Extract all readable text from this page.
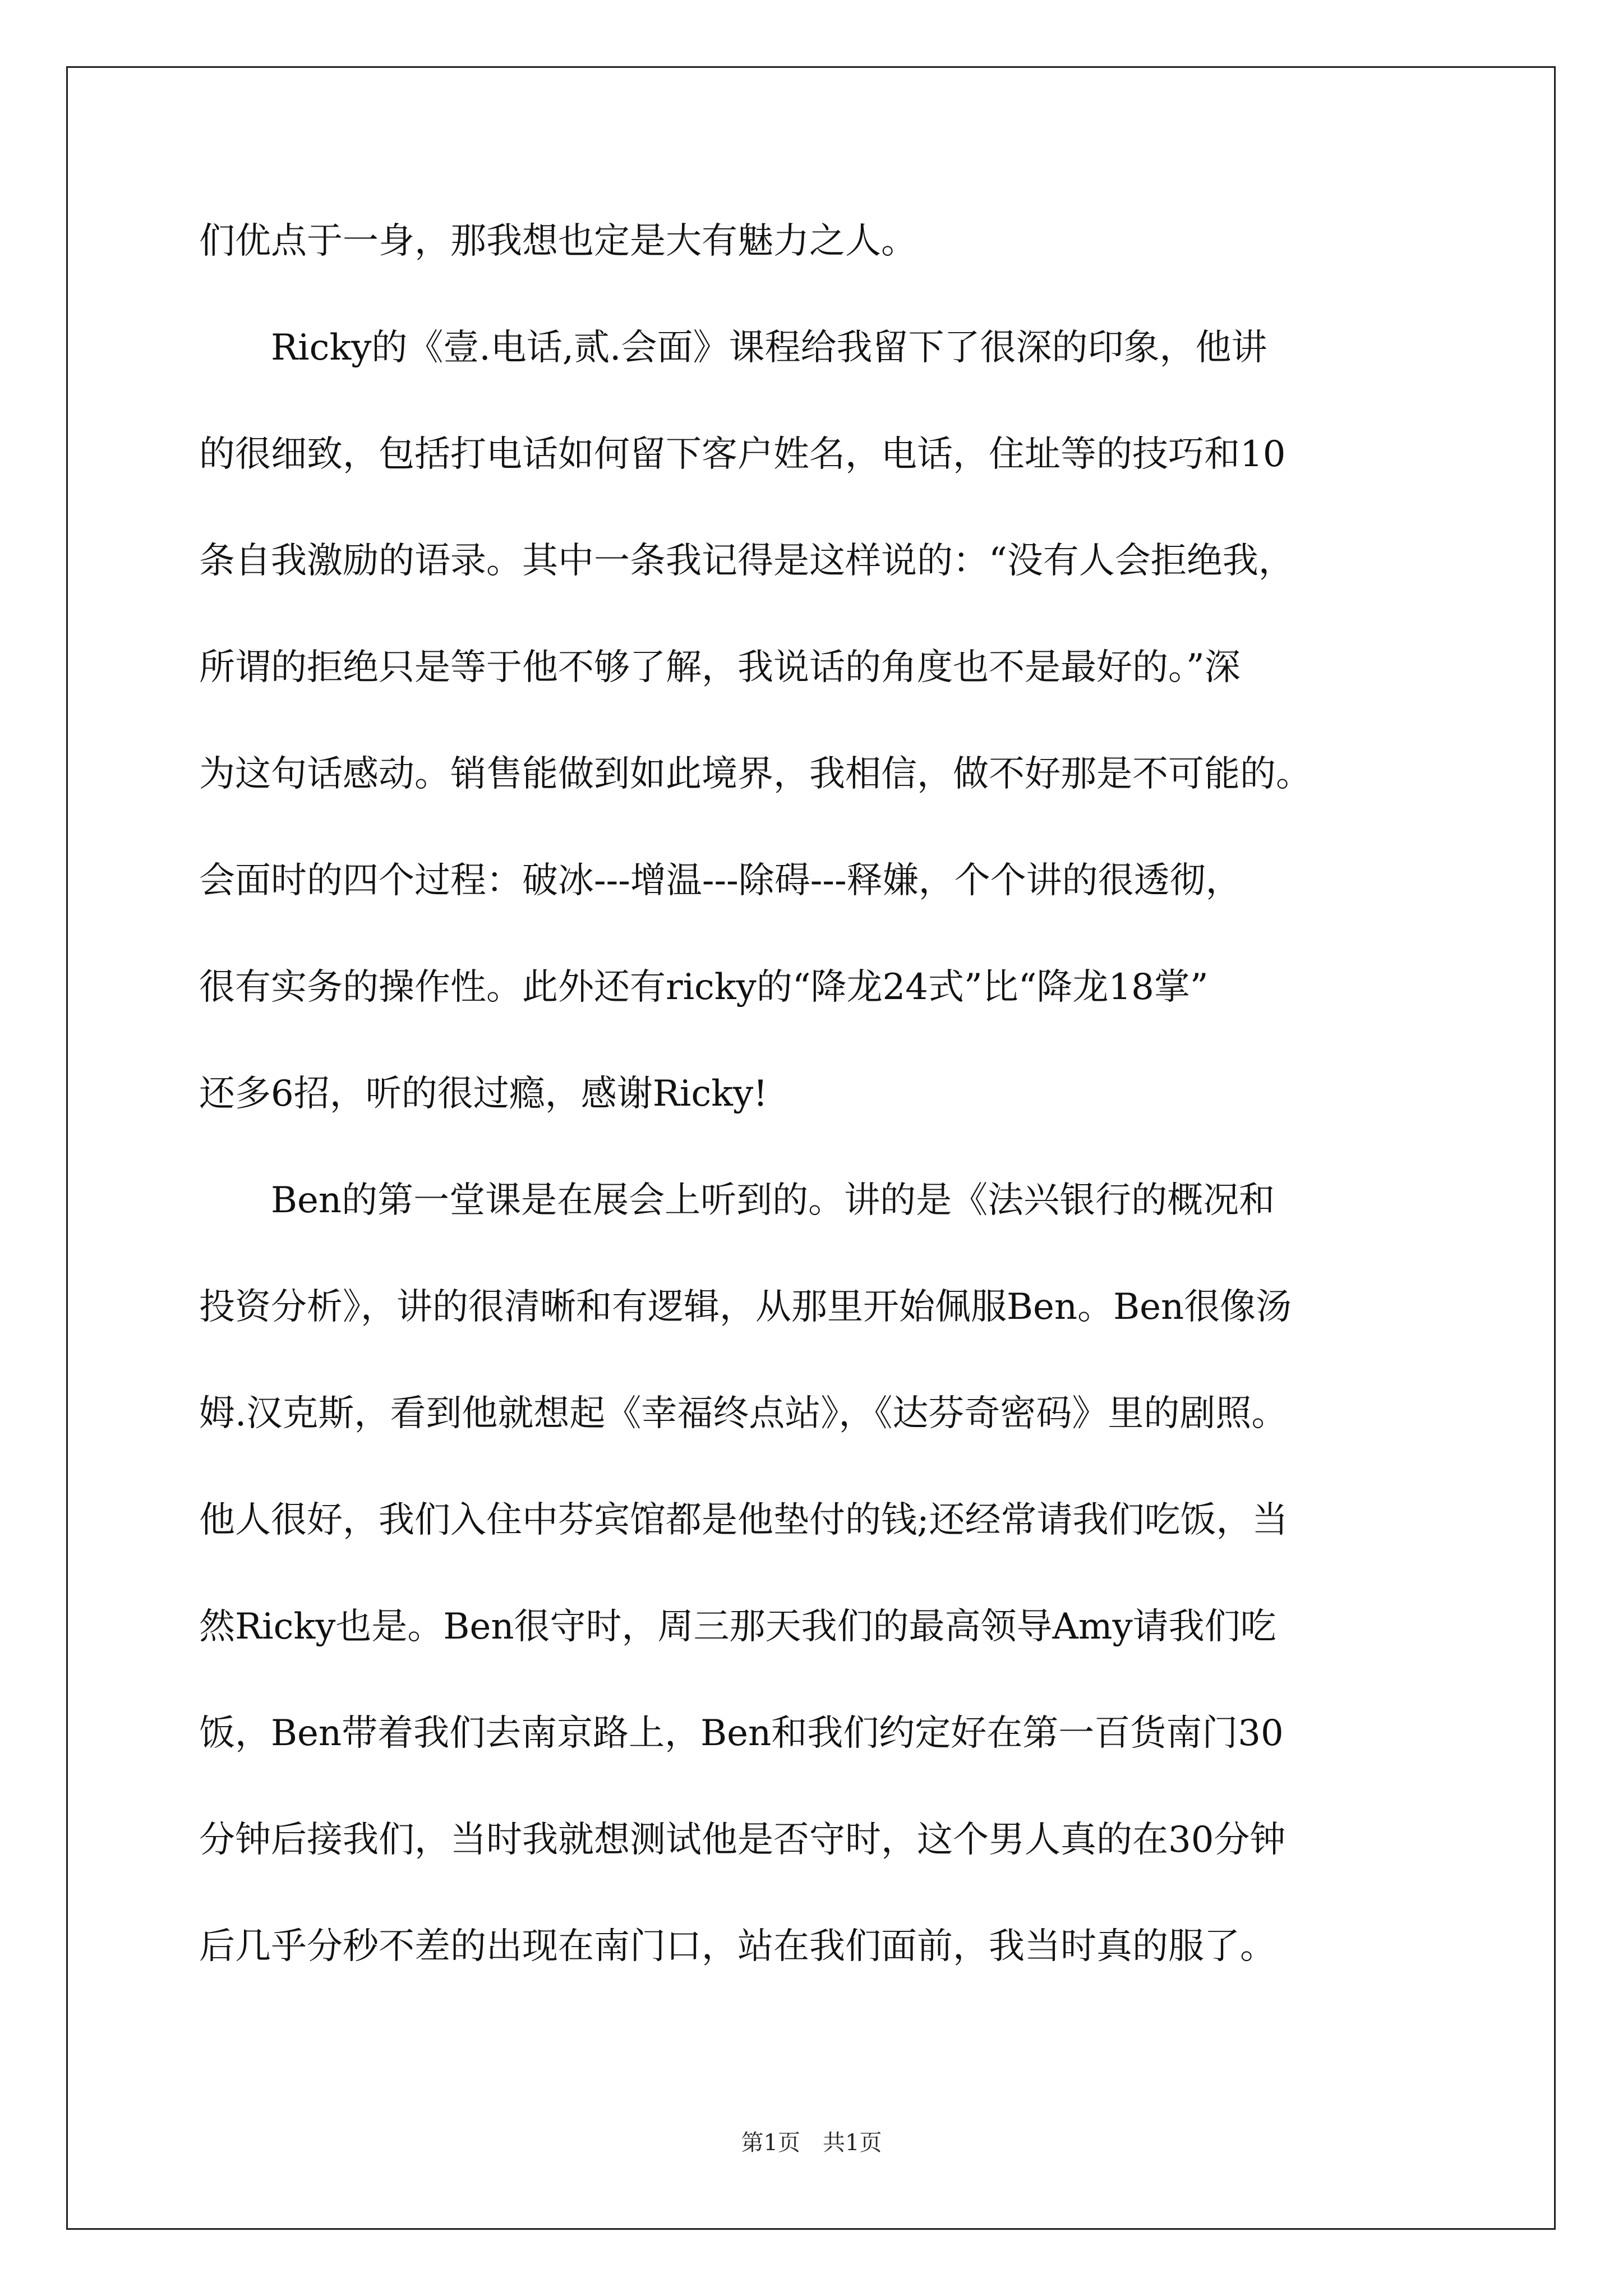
们优点于一身，那我想也定是大有魅力之人。
　　Ricky的《壹.电话,贰.会面》课程给我留下了很深的印象，他讲
的很细致，包括打电话如何留下客户姓名，电话，住址等的技巧和10
条自我激励的语录。其中一条我记得是这样说的：“没有人会拒绝我，
所谓的拒绝只是等于他不够了解，我说话的角度也不是最好的。”深
为这句话感动。销售能做到如此境界，我相信，做不好那是不可能的。
会面时的四个过程：破冰---增温---除碍---释嫌，个个讲的很透彻，
很有实务的操作性。此外还有ricky的“降龙24式”比“降龙18掌”
还多6招，听的很过瘾，感谢Ricky!
　　Ben的第一堂课是在展会上听到的。讲的是《法兴银行的概况和
投资分析》，讲的很清晰和有逻辑，从那里开始佩服Ben。Ben很像汤
姆.汉克斯，看到他就想起《幸福终点站》，《达芬奇密码》里的剧照。
他人很好，我们入住中芬宾馆都是他垫付的钱;还经常请我们吃饭，当
然Ricky也是。Ben很守时，周三那天我们的最高领导Amy请我们吃
饭，Ben带着我们去南京路上，Ben和我们约定好在第一百货南门30
分钟后接我们，当时我就想测试他是否守时，这个男人真的在30分钟
后几乎分秒不差的出现在南门口，站在我们面前，我当时真的服了。
第1页　共1页
